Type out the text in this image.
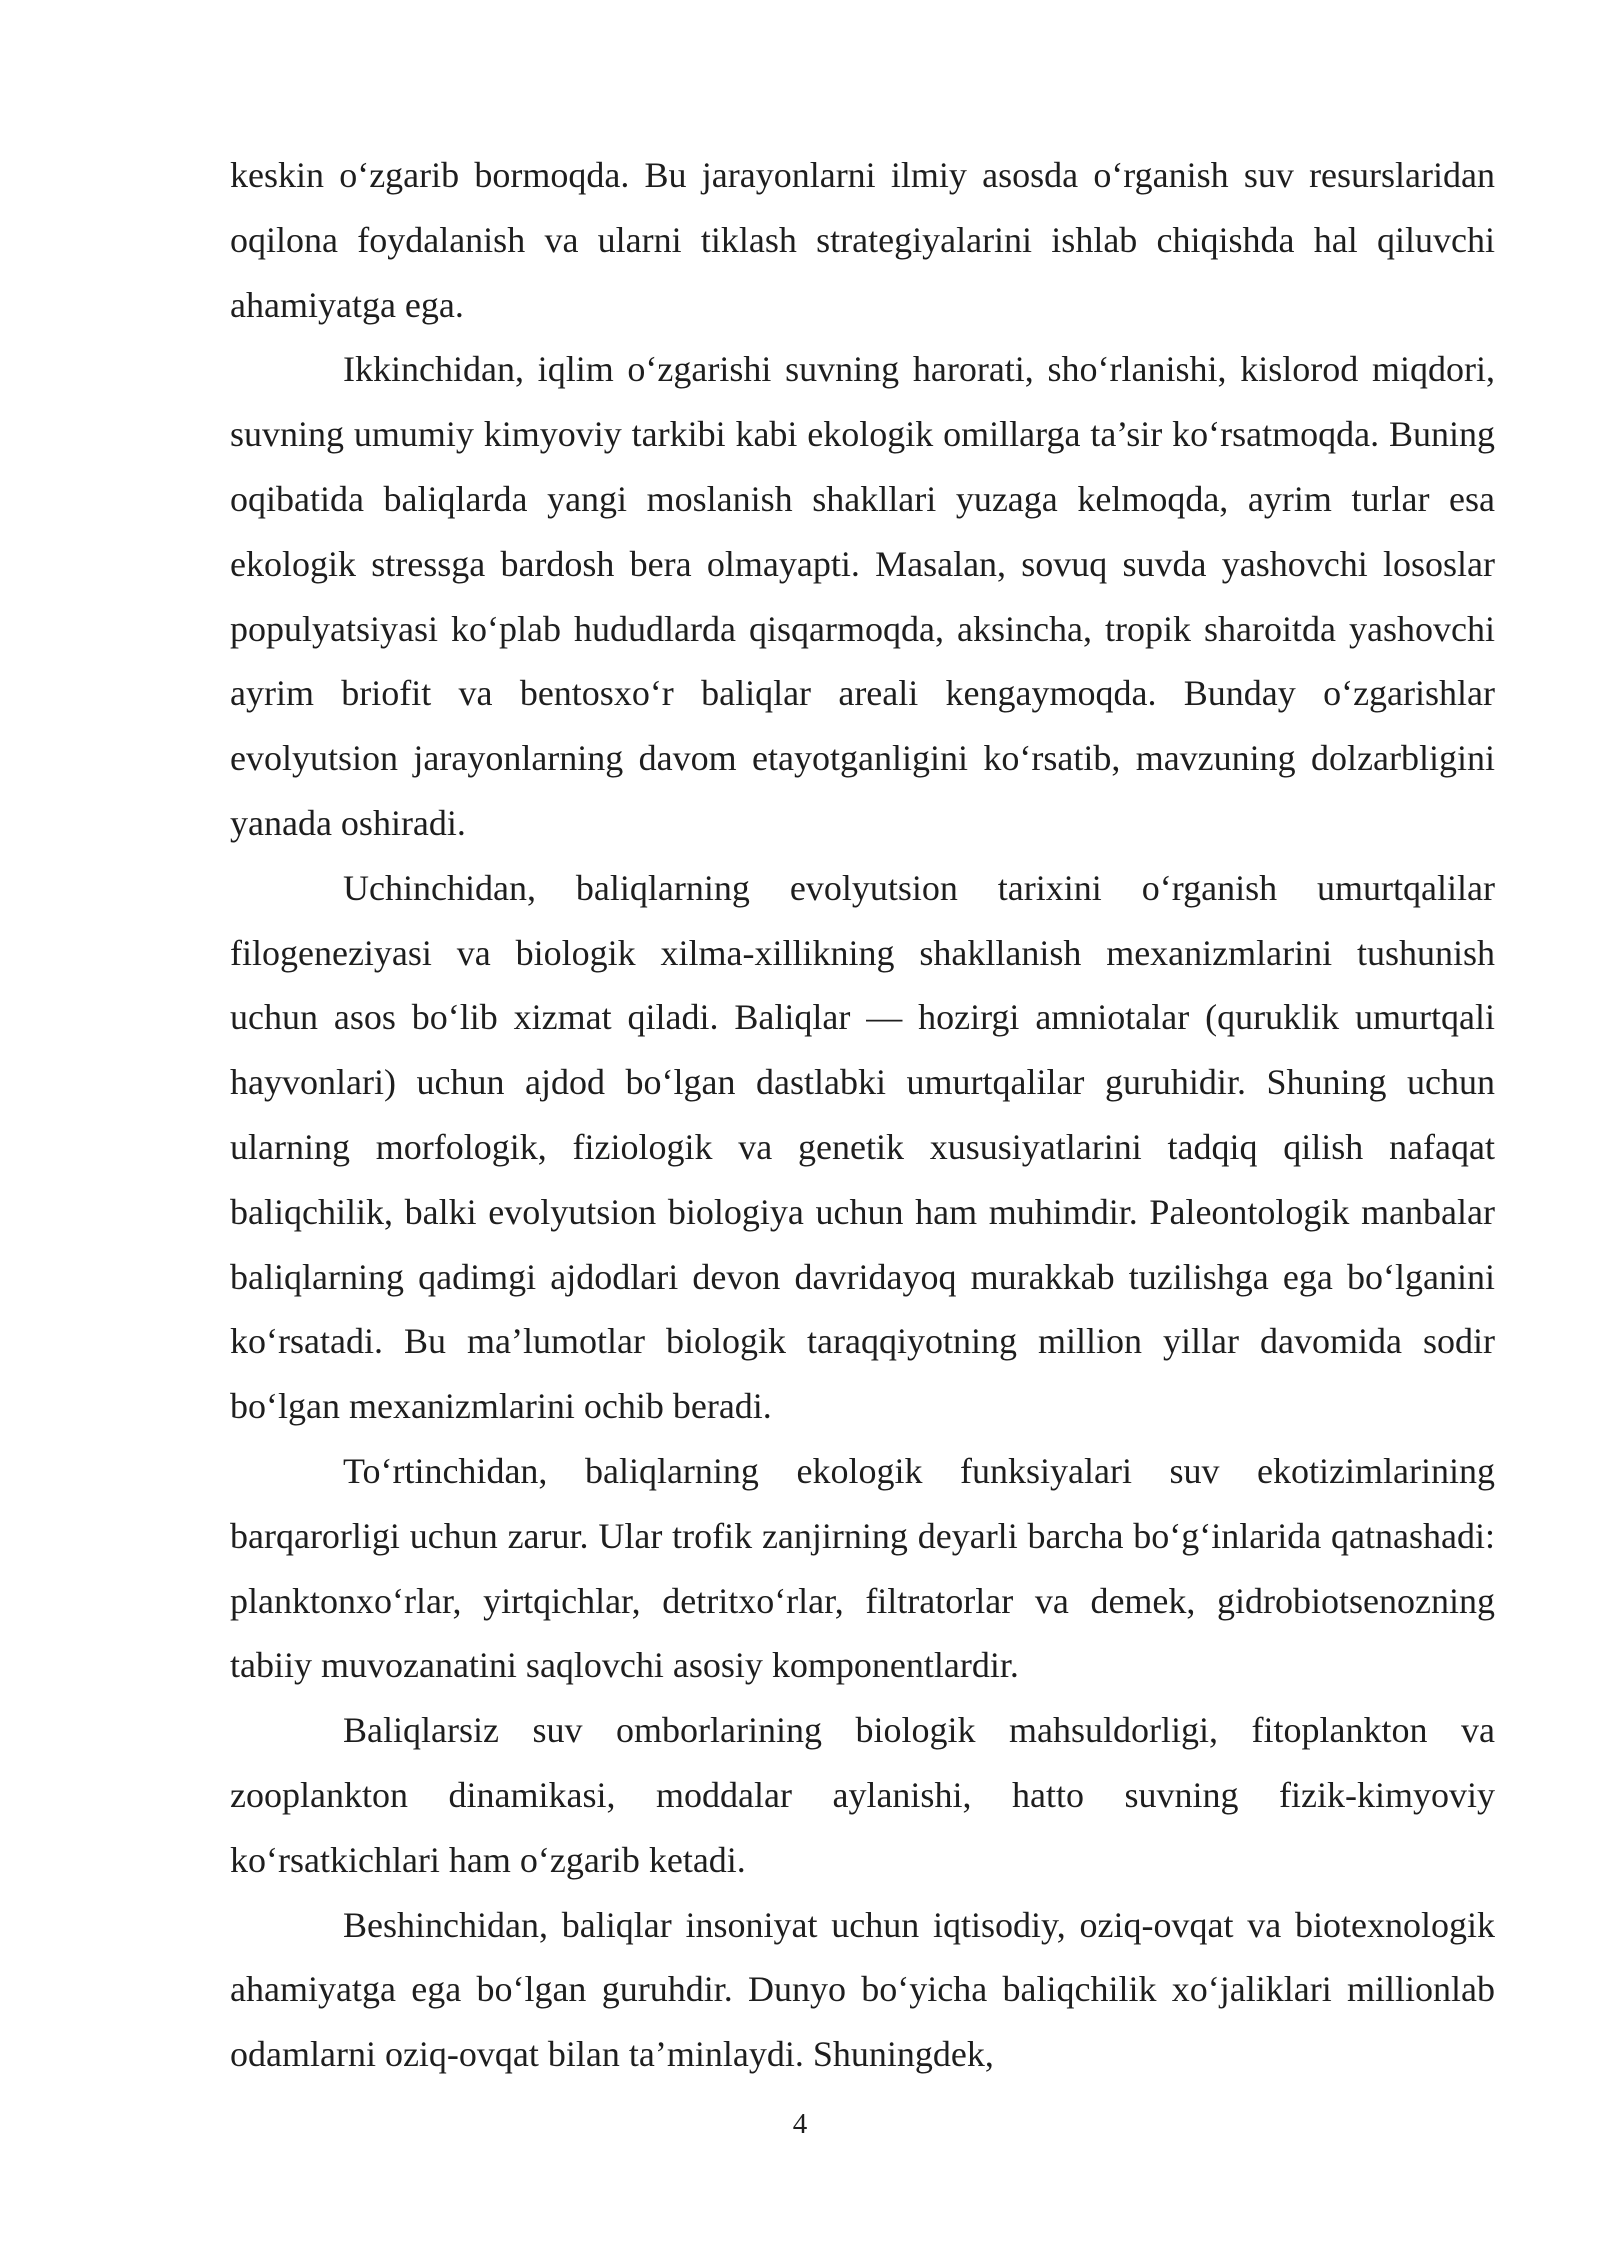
keskin o‘zgarib bormoqda. Bu jarayonlarni ilmiy asosda o‘rganish suv resurslaridan oqilona foydalanish va ularni tiklash strategiyalarini ishlab chiqishda hal qiluvchi ahamiyatga ega.

Ikkinchidan, iqlim o‘zgarishi suvning harorati, sho‘rlanishi, kislorod miqdori, suvning umumiy kimyoviy tarkibi kabi ekologik omillarga ta’sir ko‘rsatmoqda. Buning oqibatida baliqlarda yangi moslanish shakllari yuzaga kelmoqda, ayrim turlar esa ekologik stressga bardosh bera olmayapti. Masalan, sovuq suvda yashovchi lososlar populyatsiyasi ko‘plab hududlarda qisqarmoqda, aksincha, tropik sharoitda yashovchi ayrim briofit va bentosxo‘r baliqlar areali kengaymoqda. Bunday o‘zgarishlar evolyutsion jarayonlarning davom etayotganligini ko‘rsatib, mavzuning dolzarbligini yanada oshiradi.

Uchinchidan, baliqlarning evolyutsion tarixini o‘rganish umurtqalilar filogeneziyasi va biologik xilma-xillikning shakllanish mexanizmlarini tushunish uchun asos bo‘lib xizmat qiladi. Baliqlar — hozirgi amniotalar (quruklik umurtqali hayvonlari) uchun ajdod bo‘lgan dastlabki umurtqalilar guruhidir. Shuning uchun ularning morfologik, fiziologik va genetik xususiyatlarini tadqiq qilish nafaqat baliqchilik, balki evolyutsion biologiya uchun ham muhimdir. Paleontologik manbalar baliqlarning qadimgi ajdodlari devon davridayoq murakkab tuzilishga ega bo‘lganini ko‘rsatadi. Bu ma’lumotlar biologik taraqqiyotning million yillar davomida sodir bo‘lgan mexanizmlarini ochib beradi.

To‘rtinchidan, baliqlarning ekologik funksiyalari suv ekotizimlarining barqarorligi uchun zarur. Ular trofik zanjirning deyarli barcha bo‘g‘inlarida qatnashadi: planktonxo‘rlar, yirtqichlar, detritxo‘rlar, filtratorlar va demek, gidrobiotsenozning tabiiy muvozanatini saqlovchi asosiy komponentlardir.

Baliqlarsiz suv omborlarining biologik mahsuldorligi, fitoplankton va zooplankton dinamikasi, moddalar aylanishi, hatto suvning fizik-kimyoviy ko‘rsatkichlari ham o‘zgarib ketadi.

Beshinchidan, baliqlar insoniyat uchun iqtisodiy, oziq-ovqat va biotexnologik ahamiyatga ega bo‘lgan guruhdir. Dunyo bo‘yicha baliqchilik xo‘jaliklari millionlab odamlarni oziq-ovqat bilan ta’minlaydi. Shuningdek,

4
